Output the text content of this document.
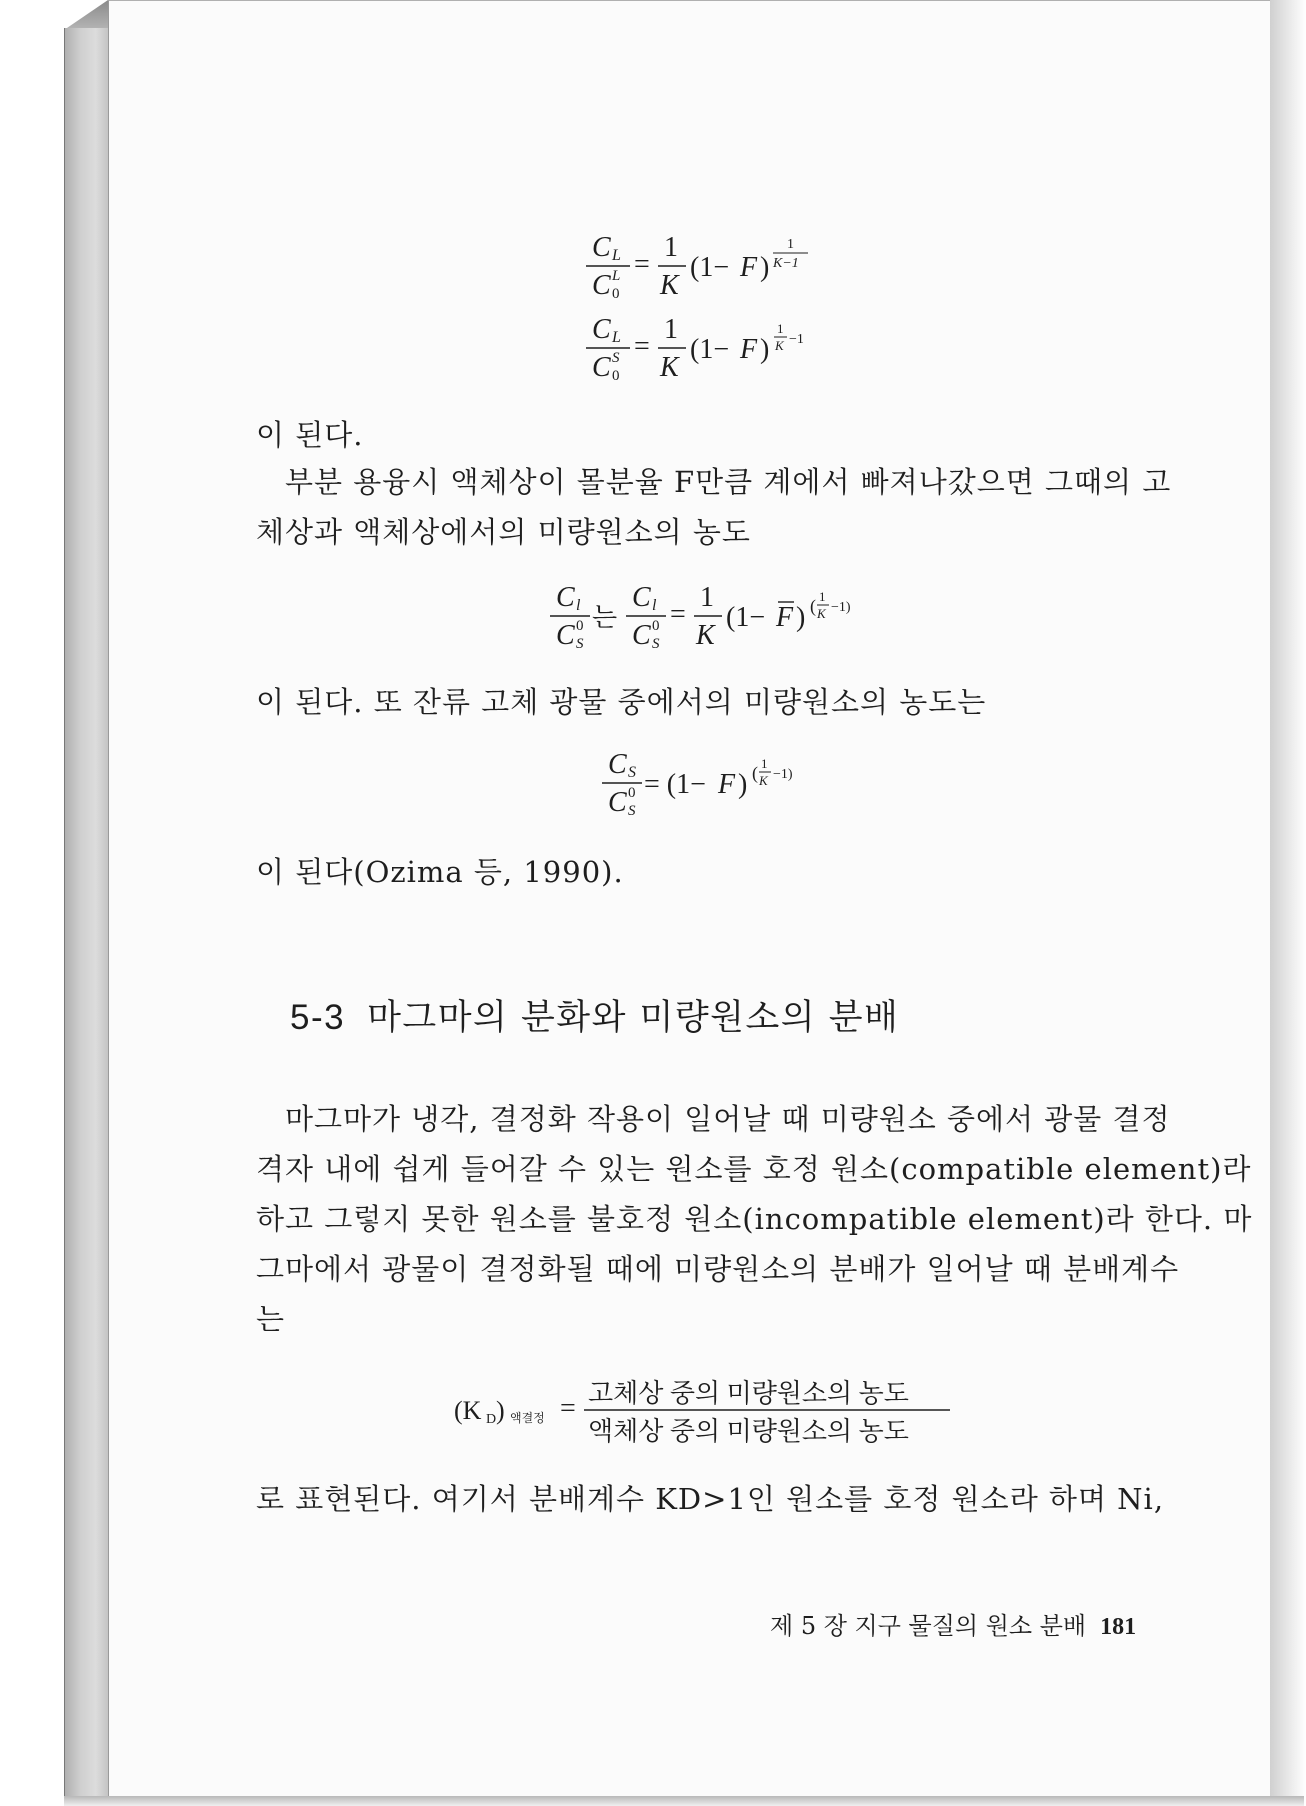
C L
C L
0
=
1
K
(1− F )
1
K−1
C L
C S
0
=
1
K
(1− F )
1
K −1
이 된다.
부분 용융시 액체상이 몰분율 F만큼 계에서 빠져나갔으면 그때의 고
체상과 액체상에서의 미량원소의 농도
C l
C 0
S
는
C l
C 0
S
=
1
K
(1− F ) ( 1
K −1)
이 된다. 또 잔류 고체 광물 중에서의 미량원소의 농도는
C S
C 0
S
= (1− F ) ( 1
K −1)
이 된다(Ozima 등, 1990).
5-3 마그마의 분화와 미량원소의 분배
마그마가 냉각, 결정화 작용이 일어날 때 미량원소 중에서 광물 결정
격자 내에 쉽게 들어갈 수 있는 원소를 호정 원소(compatible element)라
하고 그렇지 못한 원소를 불호정 원소(incompatible element)라 한다. 마
그마에서 광물이 결정화될 때에 미량원소의 분배가 일어날 때 분배계수
는
(K D ) 액결정 = 고체상 중의 미량원소의 농도
액체상 중의 미량원소의 농도
로 표현된다. 여기서 분배계수 KD>1인 원소를 호정 원소라 하며 Ni,
제 5 장 지구 물질의 원소 분배 181
